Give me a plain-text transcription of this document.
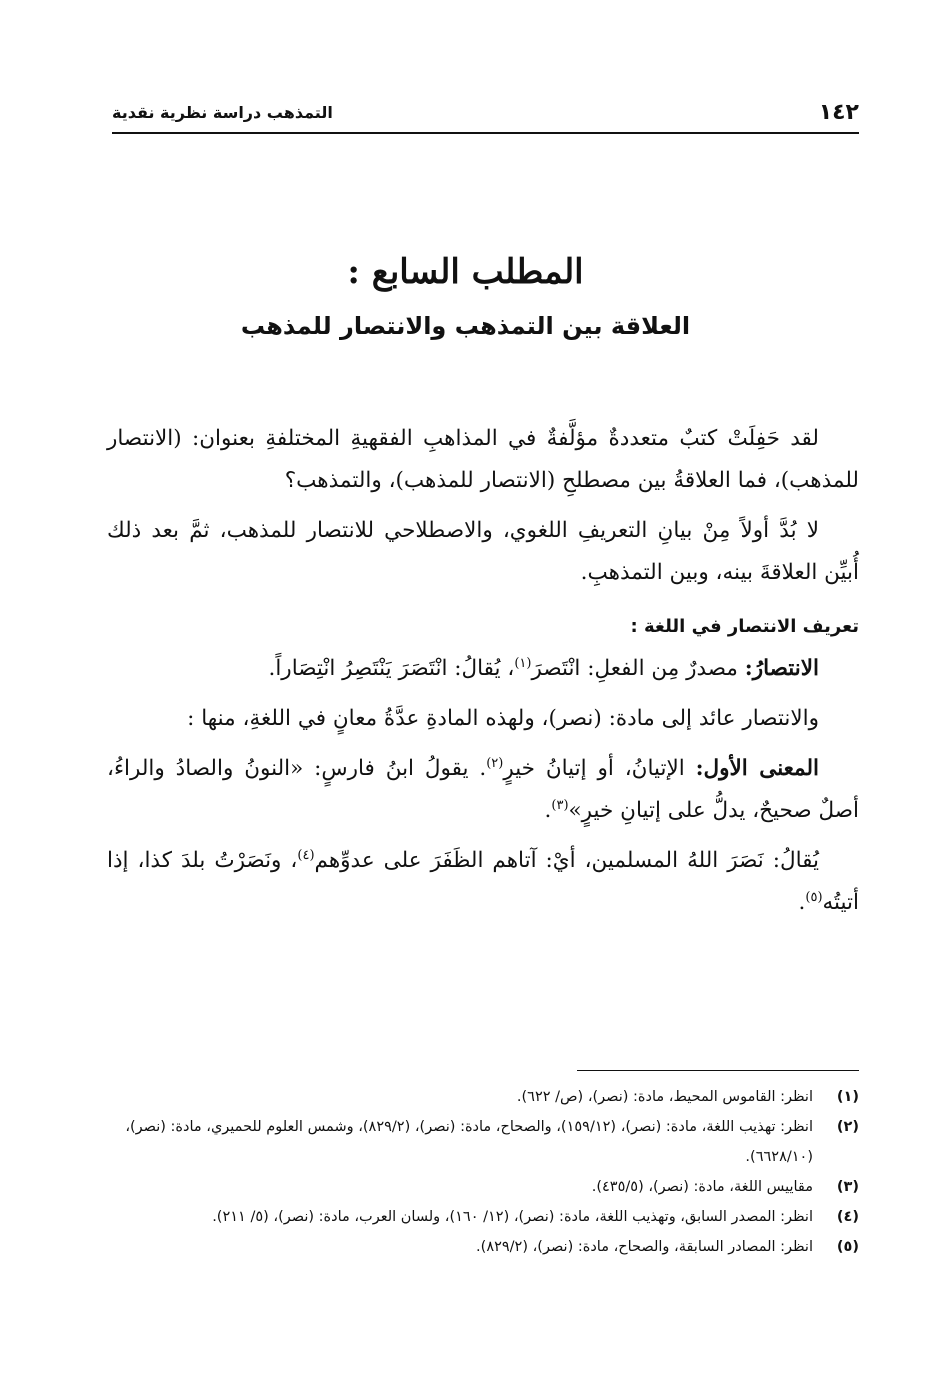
١٤٢
التمذهب دراسة نظرية نقدية
المطلب السابع :
العلاقة بين التمذهب والانتصار للمذهب

لقد حَفِلَتْ كتبٌ متعددةٌ مؤلَّفةٌ في المذاهبِ الفقهيةِ المختلفةِ بعنوان: (الانتصار للمذهب)، فما العلاقةُ بين مصطلحِ (الانتصار للمذهب)، والتمذهب؟

لا بُدَّ أولاً مِنْ بيانِ التعريفِ اللغوي، والاصطلاحي للانتصار للمذهب، ثمَّ بعد ذلك أُبيِّن العلاقةَ بينه، وبين التمذهبِ.

تعريف الانتصار في اللغة :

الانتصارُ: مصدرٌ مِن الفعلِ: انْتَصرَ$^{(١)}$، يُقالُ: انْتَصَرَ يَنْتَصِرُ انْتِصَاراً.

والانتصار عائد إلى مادة: (نصر)، ولهذه المادةِ عدَّةُ معانٍ في اللغةِ، منها :

المعنى الأول: الإتيانُ، أو إتيانُ خيرٍ$^{(٢)}$. يقولُ ابنُ فارسٍ: «النونُ والصادُ والراءُ، أصلٌ صحيحٌ، يدلُّ على إتيانِ خيرٍ»$^{(٣)}$.

يُقالُ: نَصَرَ اللهُ المسلمين، أيْ: آتاهم الظَفَرَ على عدوِّهم$^{(٤)}$، ونَصَرْتُ بلدَ كذا، إذا أتيتُه$^{(٥)}$.

(١)
انظر: القاموس المحيط، مادة: (نصر)، (ص/ ٦٢٢).
(٢)
انظر: تهذيب اللغة، مادة: (نصر)، (١٥٩/١٢)، والصحاح، مادة: (نصر)، (٨٢٩/٢)، وشمس العلوم للحميري، مادة: (نصر)، (٦٦٢٨/١٠).
(٣)
مقاييس اللغة، مادة: (نصر)، (٤٣٥/٥).
(٤)
انظر: المصدر السابق، وتهذيب اللغة، مادة: (نصر)، (١٢/ ١٦٠)، ولسان العرب، مادة: (نصر)، (٥/ ٢١١).
(٥)
انظر: المصادر السابقة، والصحاح، مادة: (نصر)، (٨٢٩/٢).
